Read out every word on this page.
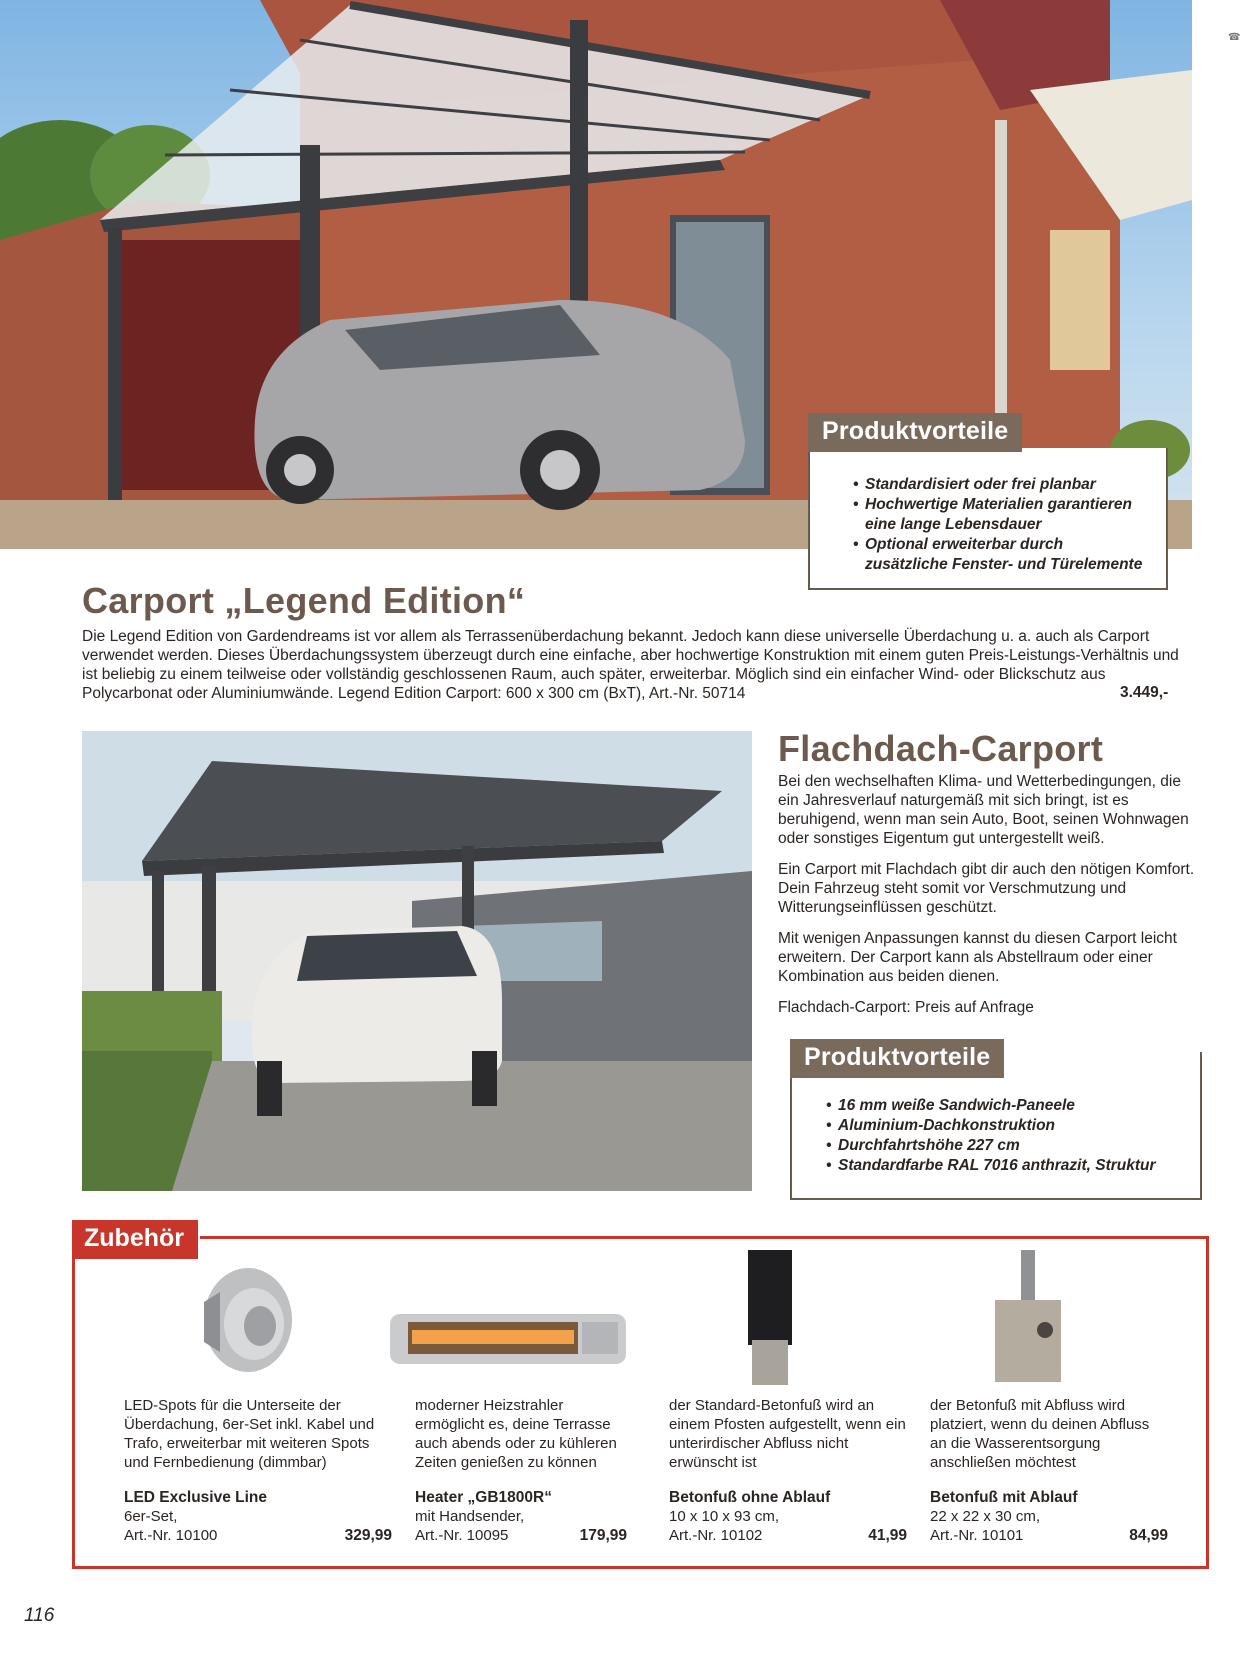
☎
Produktvorteile
• Standardisiert oder frei planbar
• Hochwertige Materialien garantieren
eine lange Lebensdauer
• Optional erweiterbar durch
zusätzliche Fenster- und Türelemente
Carport „Legend Edition“

Die Legend Edition von Gardendreams ist vor allem als Terrassenüberdachung bekannt. Jedoch kann diese universelle Überdachung u. a. auch als Carport verwendet werden. Dieses Überdachungssystem überzeugt durch eine einfache, aber hochwertige Konstruktion mit einem guten Preis-Leistungs-Verhältnis und ist beliebig zu einem teilweise oder vollständig geschlossenen Raum, auch später, erweiterbar. Möglich sind ein einfacher Wind- oder Blickschutz aus Polycarbonat oder Aluminiumwände. Legend Edition Carport: 600 x 300 cm (BxT), Art.-Nr. 50714	3.449,-
Flachdach-Carport

Bei den wechselhaften Klima- und Wetterbedingungen, die ein Jahresverlauf naturgemäß mit sich bringt, ist es beruhigend, wenn man sein Auto, Boot, seinen Wohnwagen oder sonstiges Eigentum gut untergestellt weiß.

Ein Carport mit Flachdach gibt dir auch den nötigen Komfort. Dein Fahrzeug steht somit vor Verschmutzung und Witterungseinflüssen geschützt.

Mit wenigen Anpassungen kannst du diesen Carport leicht erweitern. Der Carport kann als Abstellraum oder einer Kombination aus beiden dienen.

Flachdach-Carport: Preis auf Anfrage

Produktvorteile
• 16 mm weiße Sandwich-Paneele
• Aluminium-Dachkonstruktion
• Durchfahrtshöhe 227 cm
• Standardfarbe RAL 7016 anthrazit, Struktur
Zubehör

LED-Spots für die Unterseite der Überdachung, 6er-Set inkl. Kabel und Trafo, erweiterbar mit weiteren Spots und Fernbedienung (dimmbar)

LED Exclusive Line

6er-Set,

Art.-Nr. 10100	329,99

moderner Heizstrahler ermöglicht es, deine Terrasse auch abends oder zu kühleren Zeiten genießen zu können

Heater „GB1800R“

mit Handsender,

Art.-Nr. 10095	179,99

der Standard-Betonfuß wird an einem Pfosten aufgestellt, wenn ein unterirdischer Abfluss nicht erwünscht ist

Betonfuß ohne Ablauf

10 x 10 x 93 cm,

Art.-Nr. 10102	41,99

der Betonfuß mit Abfluss wird platziert, wenn du deinen Abfluss an die Wasserentsorgung anschließen möchtest

Betonfuß mit Ablauf

22 x 22 x 30 cm,

Art.-Nr. 10101	84,99
116
